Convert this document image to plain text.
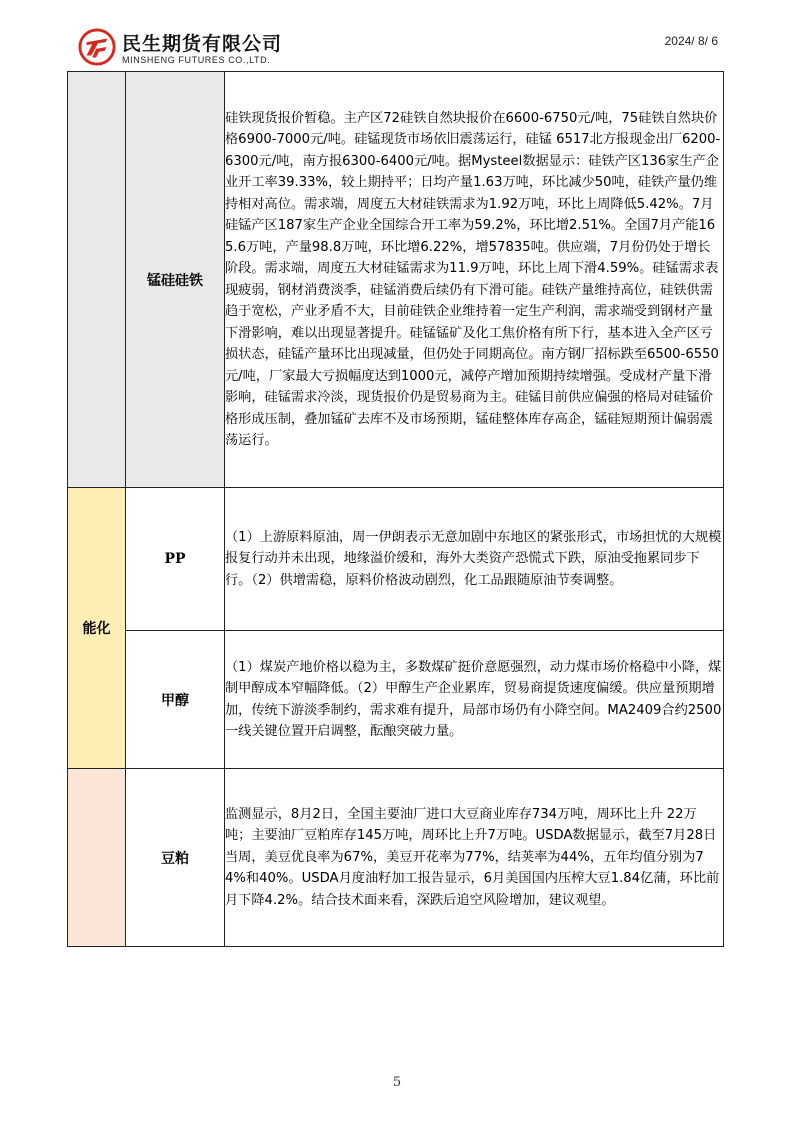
民生期货有限公司
MINSHENG FUTURES CO.,LTD.
2024/ 8/ 6
	锰硅硅铁	硅铁现货报价暂稳。主产区72硅铁自然块报价在6600-6750元/吨，75硅铁自然块价格6900-7000元/吨。硅锰现货市场依旧震荡运行，硅锰 6517北方报现金出厂6200-6300元/吨，南方报6300-6400元/吨。据Mysteel数据显示：硅铁产区136家生产企业开工率39.33%，较上期持平；日均产量1.63万吨，环比减少50吨，硅铁产量仍维持相对高位。需求端，周度五大材硅铁需求为1.92万吨，环比上周降低5.42%。7月硅锰产区187家生产企业全国综合开工率为59.2%，环比增2.51%。全国7月产能165.6万吨，产量98.8万吨，环比增6.22%，增57835吨。供应端，7月份仍处于增长阶段。需求端，周度五大材硅锰需求为11.9万吨，环比上周下滑4.59%。硅锰需求表现疲弱，钢材消费淡季，硅锰消费后续仍有下滑可能。硅铁产量维持高位，硅铁供需趋于宽松，产业矛盾不大，目前硅铁企业维持着一定生产利润，需求端受到钢材产量下滑影响，难以出现显著提升。硅锰锰矿及化工焦价格有所下行，基本进入全产区亏损状态，硅锰产量环比出现减量，但仍处于同期高位。南方钢厂招标跌至6500-6550元/吨，厂家最大亏损幅度达到1000元，减停产增加预期持续增强。受成材产量下滑影响，硅锰需求冷淡，现货报价仍是贸易商为主。硅锰目前供应偏强的格局对硅锰价格形成压制，叠加锰矿去库不及市场预期，锰硅整体库存高企，锰硅短期预计偏弱震荡运行。
能化	PP	（1）上游原料原油，周一伊朗表示无意加剧中东地区的紧张形式，市场担忧的大规模报复行动并未出现，地缘溢价缓和，海外大类资产恐慌式下跌，原油受拖累同步下行。（2）供增需稳，原料价格波动剧烈，化工品跟随原油节奏调整。
	甲醇	（1）煤炭产地价格以稳为主，多数煤矿挺价意愿强烈，动力煤市场价格稳中小降，煤制甲醇成本窄幅降低。（2）甲醇生产企业累库，贸易商提货速度偏缓。供应量预期增加，传统下游淡季制约，需求难有提升，局部市场仍有小降空间。MA2409合约2500一线关键位置开启调整，酝酿突破力量。
	豆粕	监测显示，8月2日，全国主要油厂进口大豆商业库存734万吨，周环比上升 22万吨；主要油厂豆粕库存145万吨，周环比上升7万吨。USDA数据显示，截至7月28日当周，美豆优良率为67%，美豆开花率为77%，结荚率为44%，五年均值分别为74%和40%。USDA月度油籽加工报告显示，6月美国国内压榨大豆1.84亿蒲，环比前月下降4.2%。结合技术面来看，深跌后追空风险增加，建议观望。
5
